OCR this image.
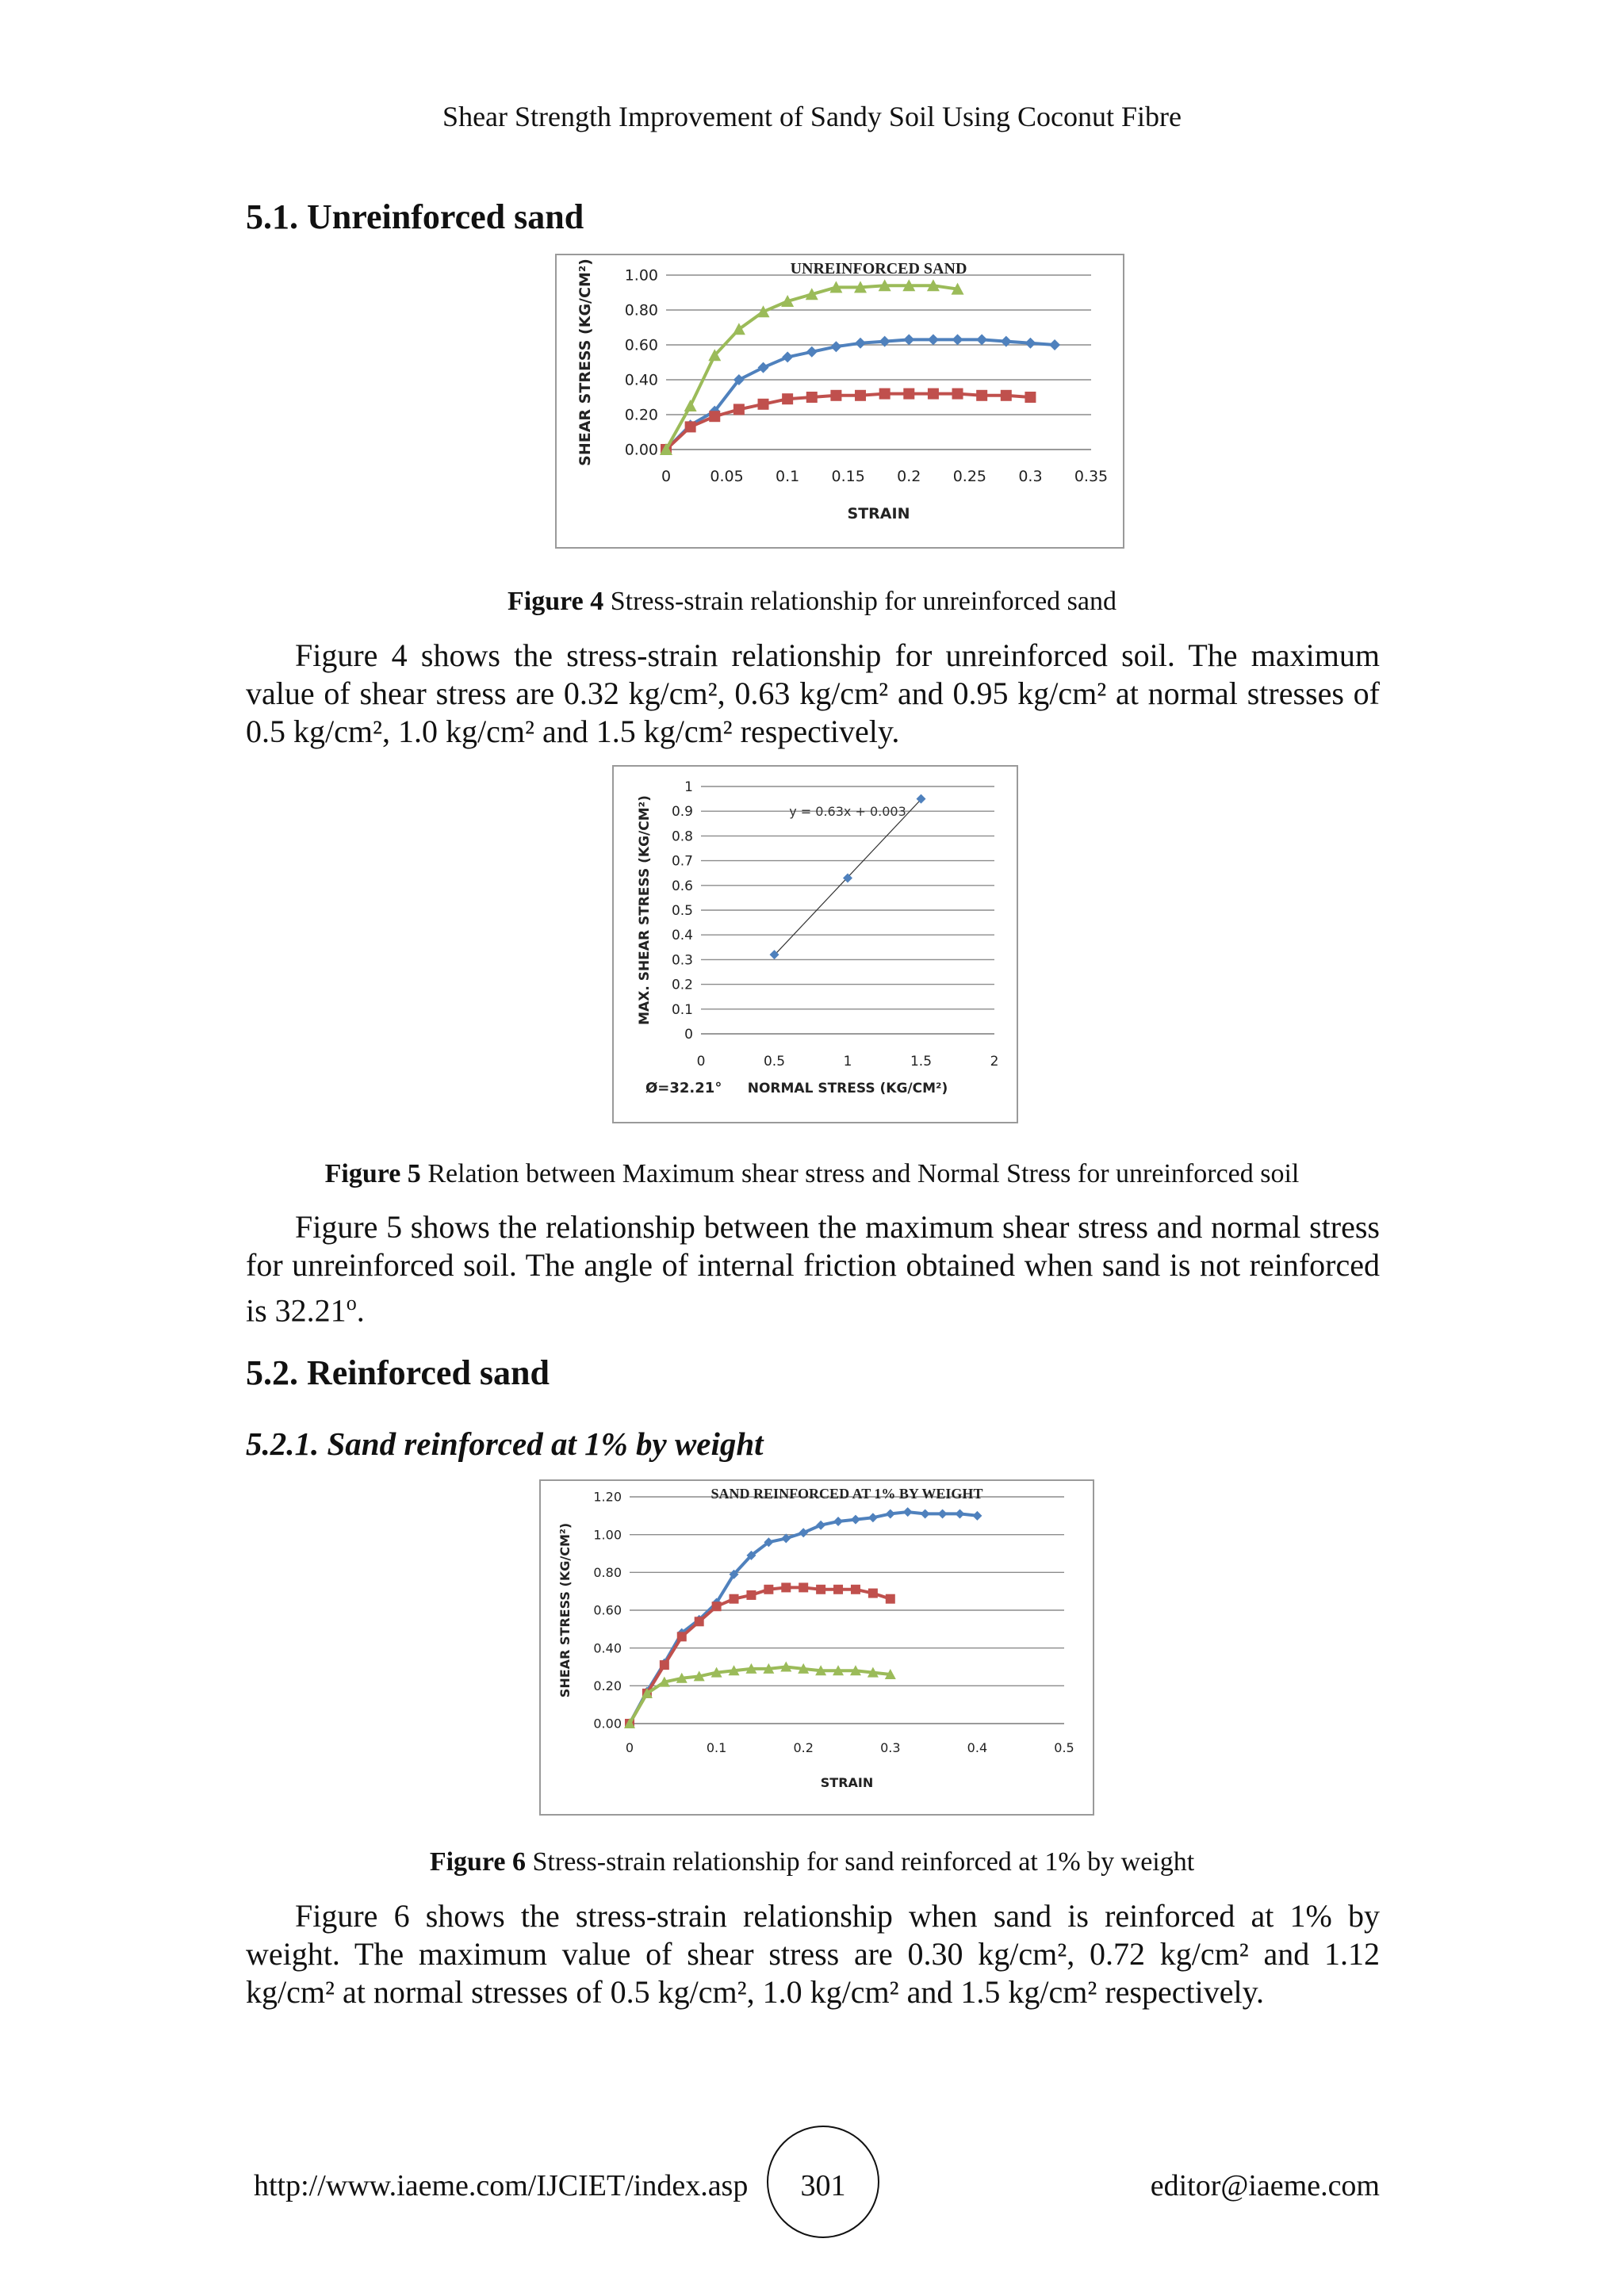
Shear Strength Improvement of Sandy Soil Using Coconut Fibre
5.1. Unreinforced sand
0.00
0.20
0.40
0.60
0.80
1.00
0	0.05 0.1 0.15 0.2 0.25 0.3 0.35
UNREINFORCED SAND
STRAIN
SHEAR STRESS (KG/CM²)
Figure 4 Stress-strain relationship for unreinforced sand
Figure 4 shows the stress-strain relationship for unreinforced soil. The maximum value of shear stress are 0.32 kg/cm², 0.63 kg/cm² and 0.95 kg/cm² at normal stresses of 0.5 kg/cm², 1.0 kg/cm² and 1.5 kg/cm² respectively.
0
0.1
0.2
0.3
0.4
0.5
0.6
0.7
0.8
0.9
1
0	0.5	1	1.5	2
NORMAL STRESS (KG/CM²)
MAX. SHEAR STRESS (KG/CM²)	y = 0.63x + 0.003
Ø=32.21°
Figure 5 Relation between Maximum shear stress and Normal Stress for unreinforced soil
Figure 5 shows the relationship between the maximum shear stress and normal stress for unreinforced soil. The angle of internal friction obtained when sand is not reinforced is 32.21$^o$.
5.2. Reinforced sand
5.2.1. Sand reinforced at 1% by weight
0.00
0.20
0.40
0.60
0.80
1.00
1.20
0	0.1	0.2	0.3	0.4	0.5
SAND REINFORCED AT 1% BY WEIGHT
STRAIN
SHEAR STRESS (KG/CM²)
Figure 6 Stress-strain relationship for sand reinforced at 1% by weight
Figure 6 shows the stress-strain relationship when sand is reinforced at 1% by weight. The maximum value of shear stress are 0.30 kg/cm², 0.72 kg/cm² and 1.12 kg/cm² at normal stresses of 0.5 kg/cm², 1.0 kg/cm² and 1.5 kg/cm² respectively.
http://www.iaeme.com/IJCIET/index.asp	301	editor@iaeme.com
